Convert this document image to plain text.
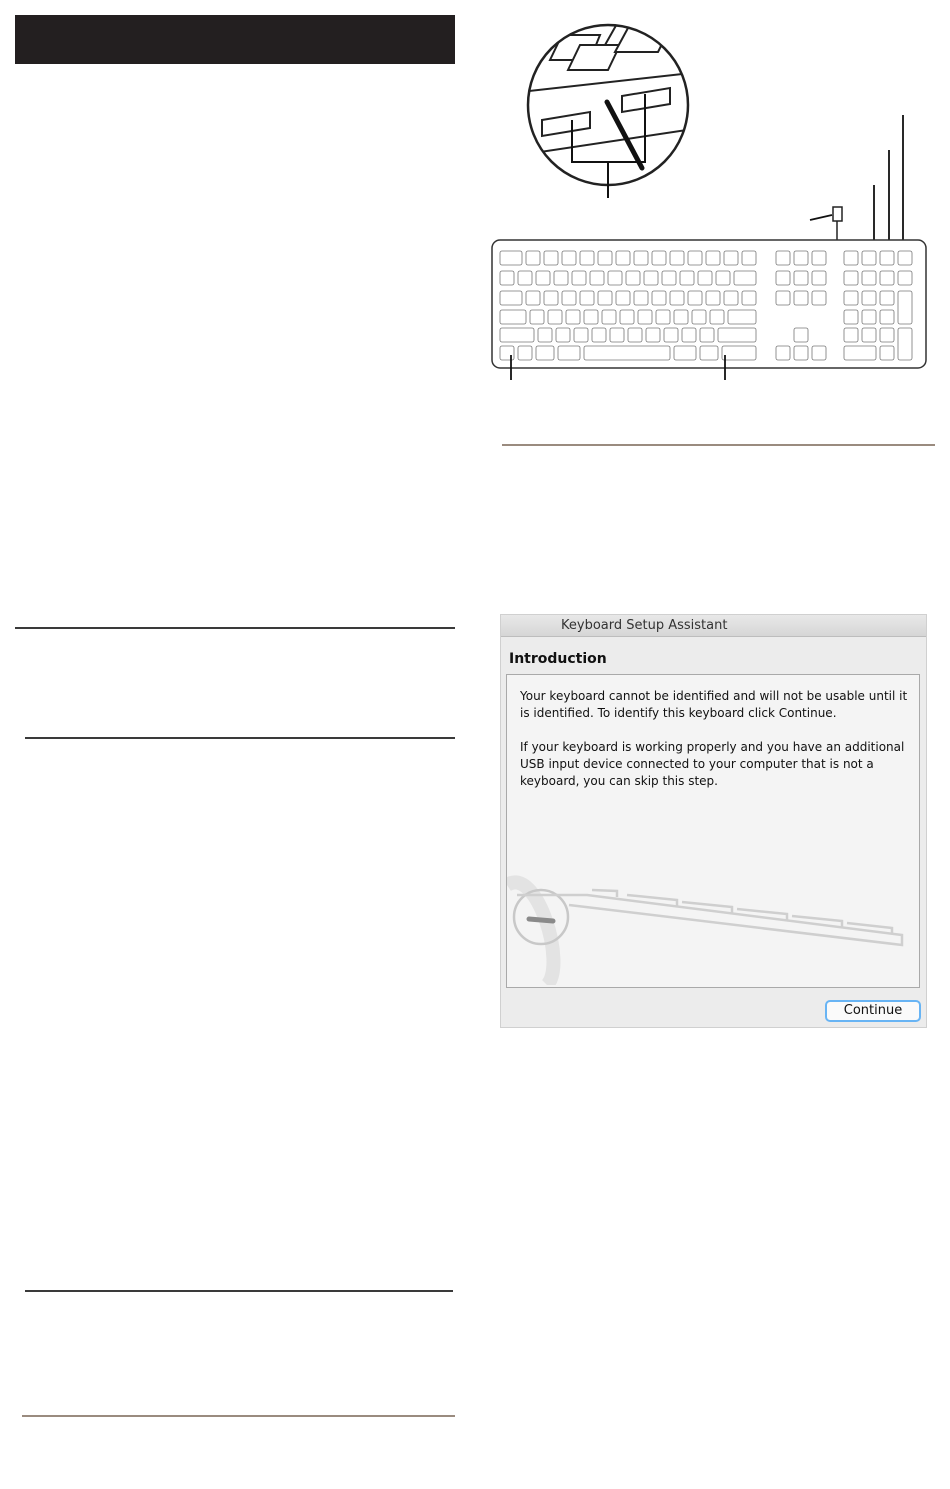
Keyboard Setup Assistant
Introduction
Your keyboard cannot be identified and will not be usable until it is identified. To identify this keyboard click Continue.
If your keyboard is working properly and you have an additional USB input device connected to your computer that is not a keyboard, you can skip this step.
Continue
